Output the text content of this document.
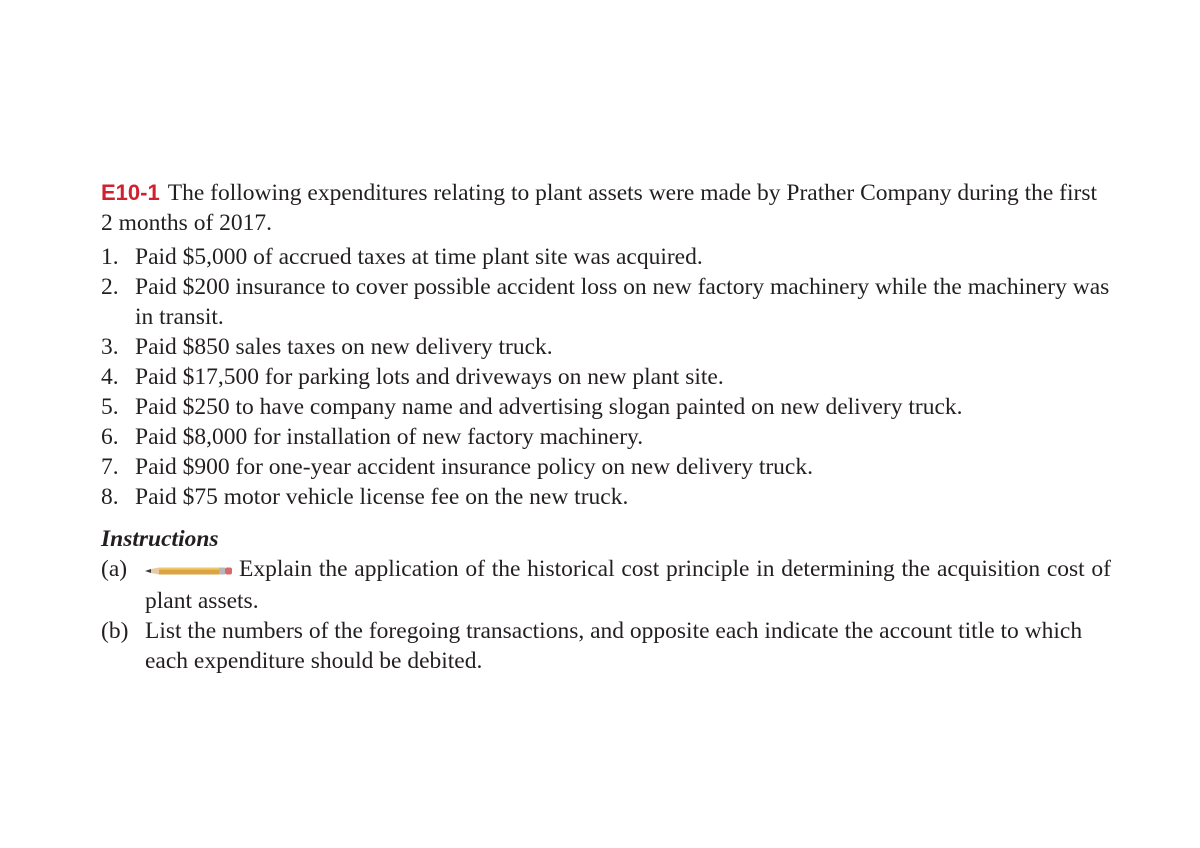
E10-1 The following expenditures relating to plant assets were made by Prather Company during the first 2 months of 2017.

1. Paid $5,000 of accrued taxes at time plant site was acquired.
2. Paid $200 insurance to cover possible accident loss on new factory machinery while the machinery was in transit.
3. Paid $850 sales taxes on new delivery truck.
4. Paid $17,500 for parking lots and driveways on new plant site.
5. Paid $250 to have company name and advertising slogan painted on new delivery truck.
6. Paid $8,000 for installation of new factory machinery.
7. Paid $900 for one-year accident insurance policy on new delivery truck.
8. Paid $75 motor vehicle license fee on the new truck.
Instructions
(a)	Explain the application of the historical cost principle in determining the acquisition cost of plant assets.
(b) List the numbers of the foregoing transactions, and opposite each indicate the account title to which each expenditure should be debited.
